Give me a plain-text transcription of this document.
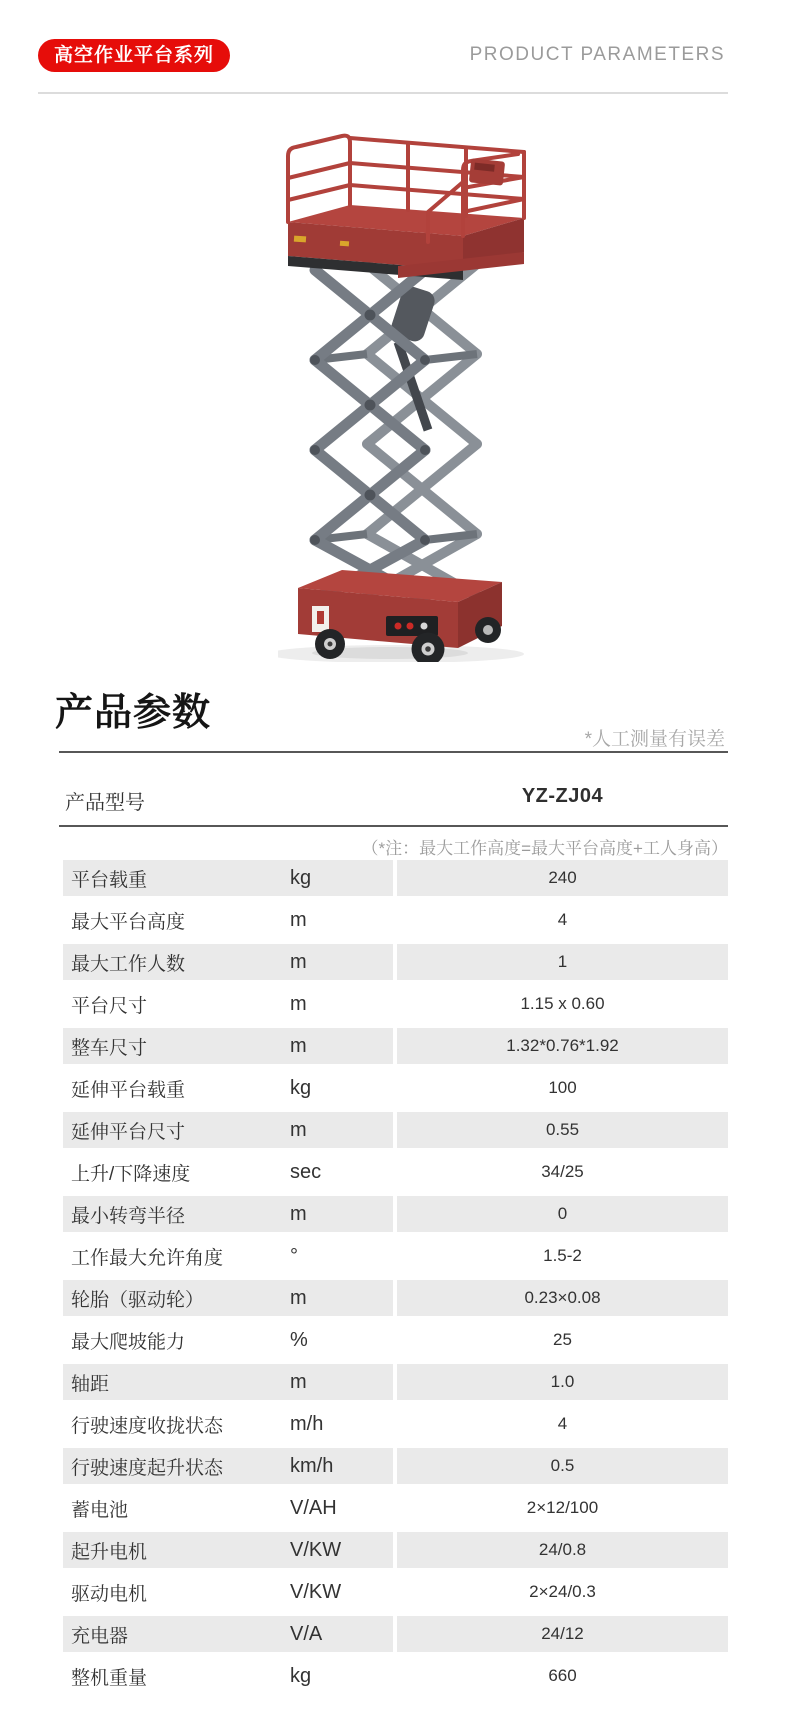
高空作业平台系列	PRODUCT PARAMETERS
产品参数
*人工测量有误差
产品型号	YZ-ZJ04
（*注：最大工作高度=最大平台高度+工人身高）
平台载重	kg	240
最大平台高度	m	4
最大工作人数	m	1
平台尺寸	m	1.15 x 0.60
整车尺寸	m	1.32*0.76*1.92
延伸平台载重	kg	100
延伸平台尺寸	m	0.55
上升/下降速度	sec	34/25
最小转弯半径	m	0
工作最大允许角度	°	1.5-2
轮胎（驱动轮）	m	0.23×0.08
最大爬坡能力	%	25
轴距	m	1.0
行驶速度收拢状态	m/h	4
行驶速度起升状态	km/h	0.5
蓄电池	V/AH	2×12/100
起升电机	V/KW	24/0.8
驱动电机	V/KW	2×24/0.3
充电器	V/A	24/12
整机重量	kg	660
